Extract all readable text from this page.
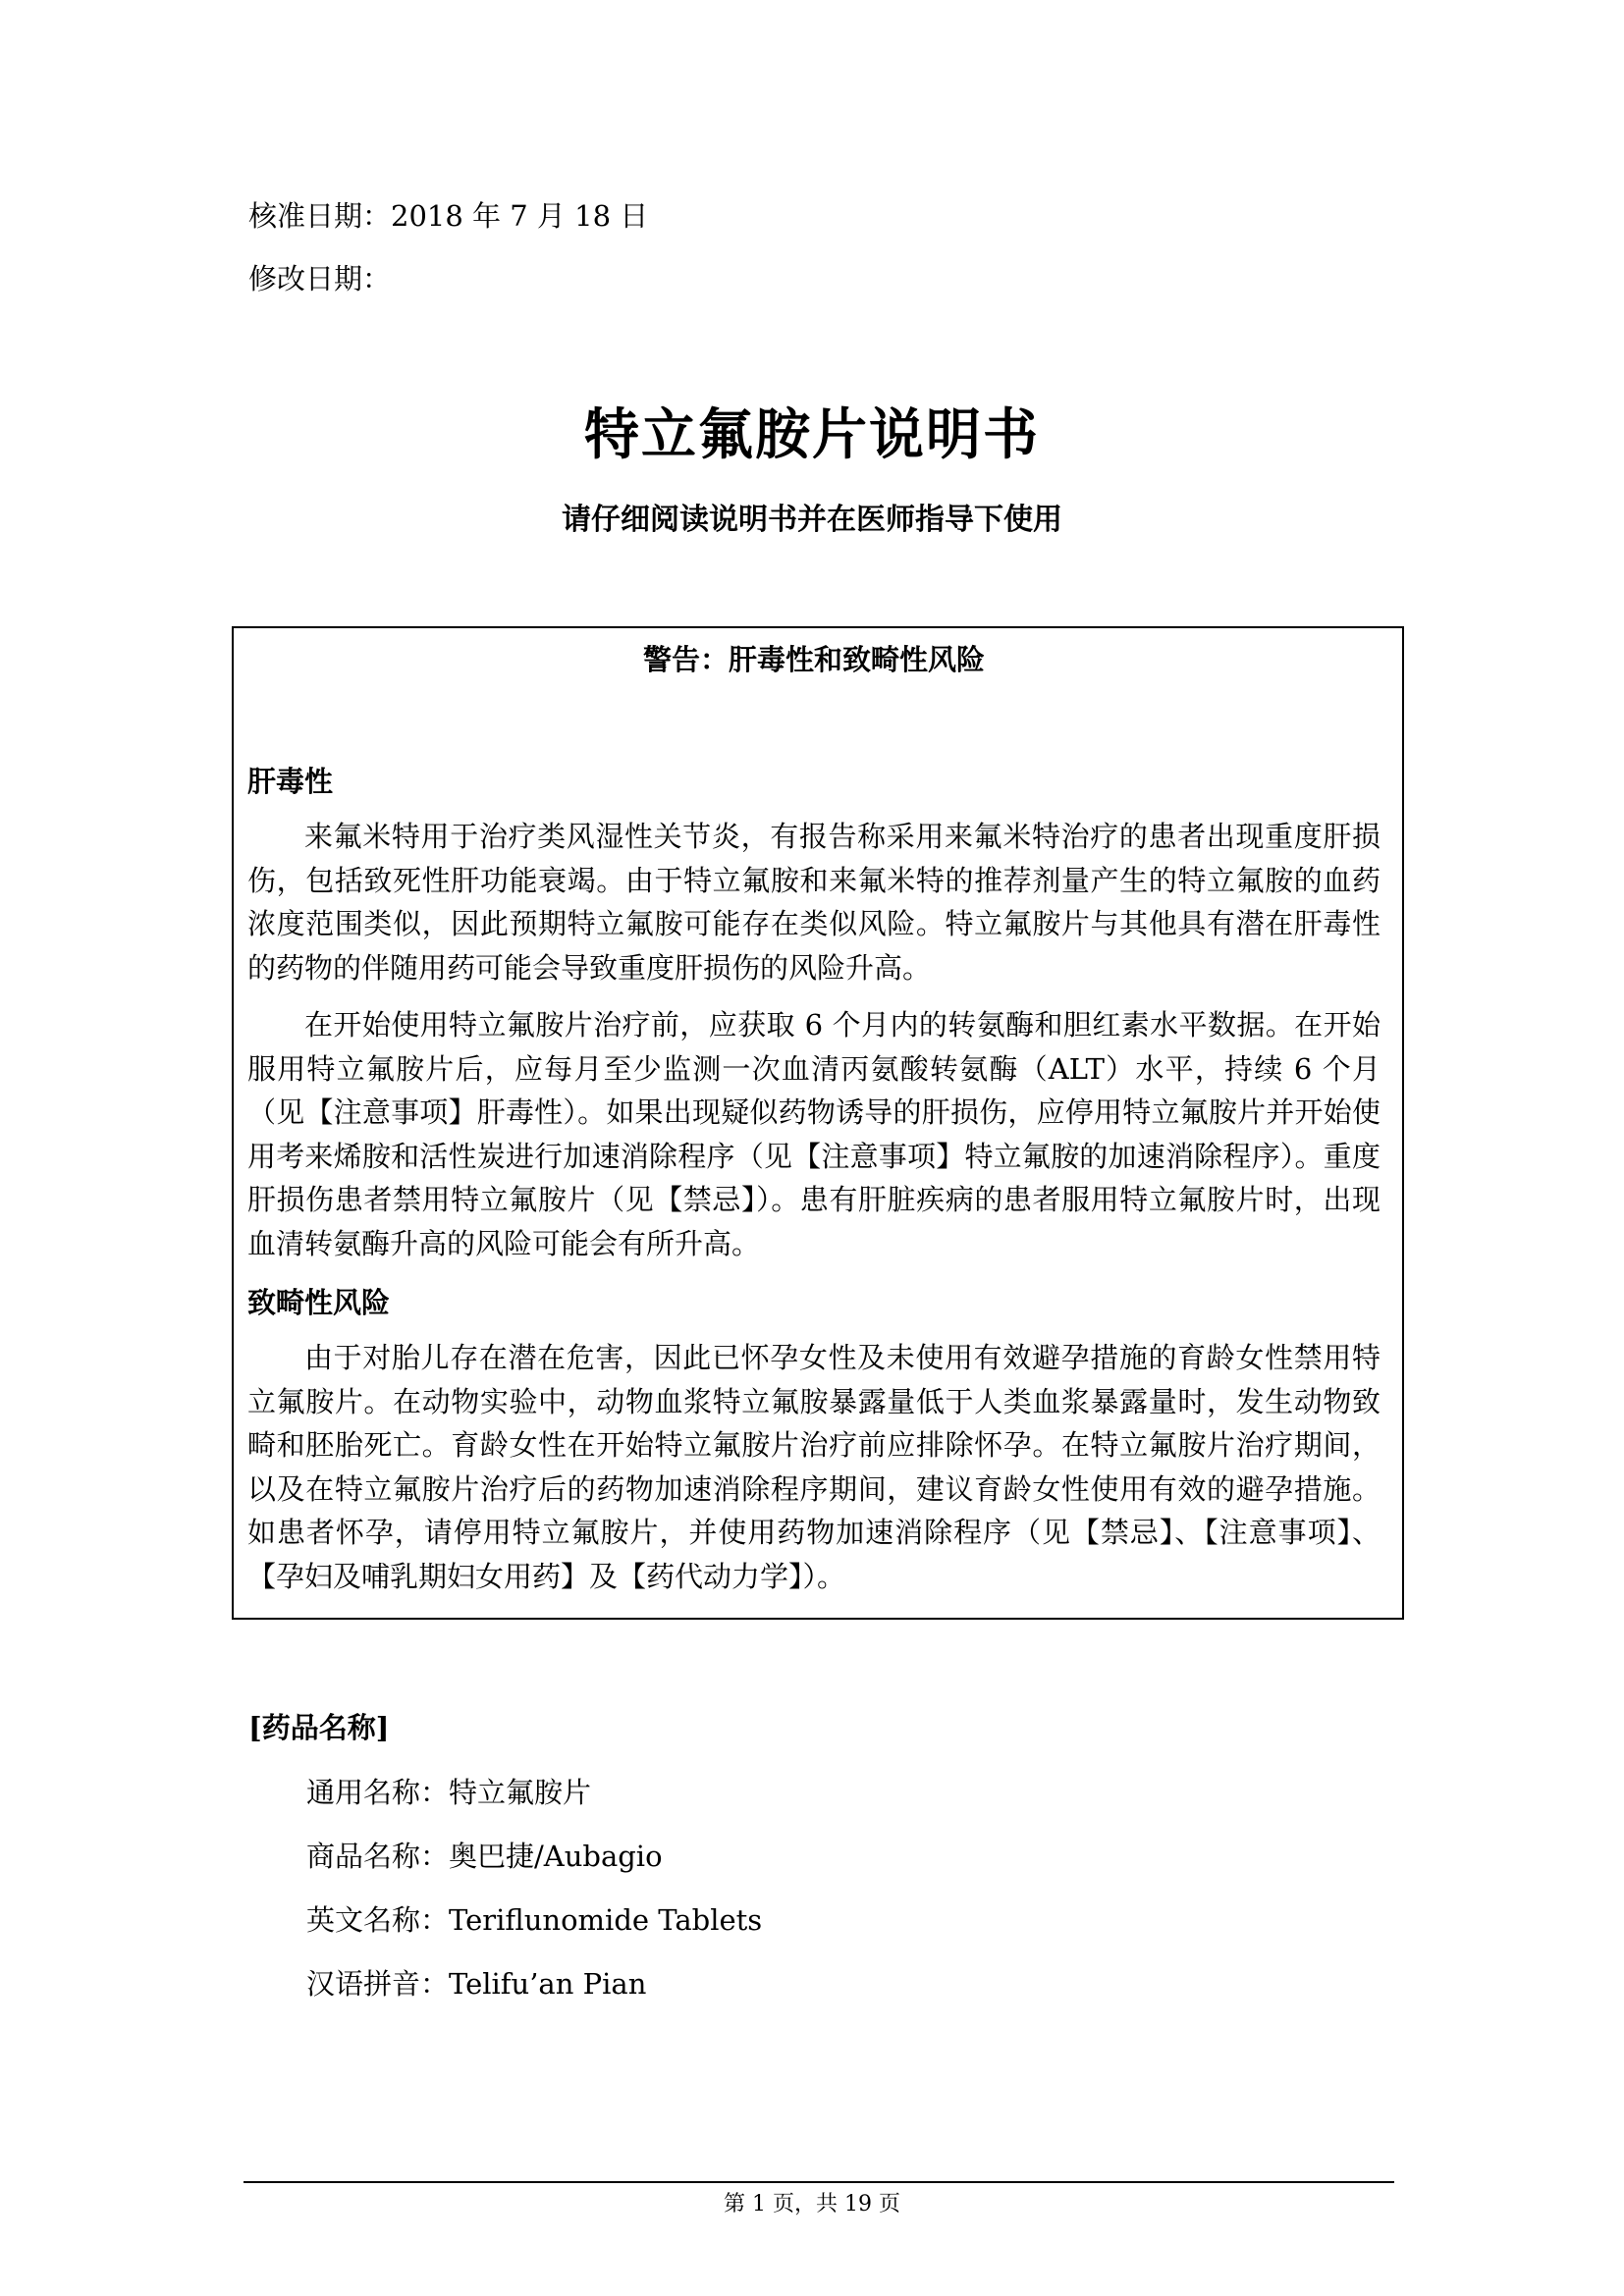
核准日期：2018 年 7 月 18 日
修改日期：
特立氟胺片说明书
请仔细阅读说明书并在医师指导下使用
警告：肝毒性和致畸性风险
肝毒性

来氟米特用于治疗类风湿性关节炎，有报告称采用来氟米特治疗的患者出现重度肝损伤，包括致死性肝功能衰竭。由于特立氟胺和来氟米特的推荐剂量产生的特立氟胺的血药浓度范围类似，因此预期特立氟胺可能存在类似风险。特立氟胺片与其他具有潜在肝毒性的药物的伴随用药可能会导致重度肝损伤的风险升高。

在开始使用特立氟胺片治疗前，应获取 6 个月内的转氨酶和胆红素水平数据。在开始服用特立氟胺片后，应每月至少监测一次血清丙氨酸转氨酶（ALT）水平，持续 6 个月（见【注意事项】肝毒性）。如果出现疑似药物诱导的肝损伤，应停用特立氟胺片并开始使用考来烯胺和活性炭进行加速消除程序（见【注意事项】特立氟胺的加速消除程序）。重度肝损伤患者禁用特立氟胺片（见【禁忌】）。患有肝脏疾病的患者服用特立氟胺片时，出现血清转氨酶升高的风险可能会有所升高。

致畸性风险

由于对胎儿存在潜在危害，因此已怀孕女性及未使用有效避孕措施的育龄女性禁用特立氟胺片。在动物实验中，动物血浆特立氟胺暴露量低于人类血浆暴露量时，发生动物致畸和胚胎死亡。育龄女性在开始特立氟胺片治疗前应排除怀孕。在特立氟胺片治疗期间，以及在特立氟胺片治疗后的药物加速消除程序期间，建议育龄女性使用有效的避孕措施。如患者怀孕，请停用特立氟胺片，并使用药物加速消除程序（见【禁忌】、【注意事项】、【孕妇及哺乳期妇女用药】及【药代动力学】）。

[药品名称]
通用名称：特立氟胺片
商品名称：奥巴捷/Aubagio
英文名称：Teriflunomide Tablets
汉语拼音：Telifu’an Pian
第 1 页，共 19 页
